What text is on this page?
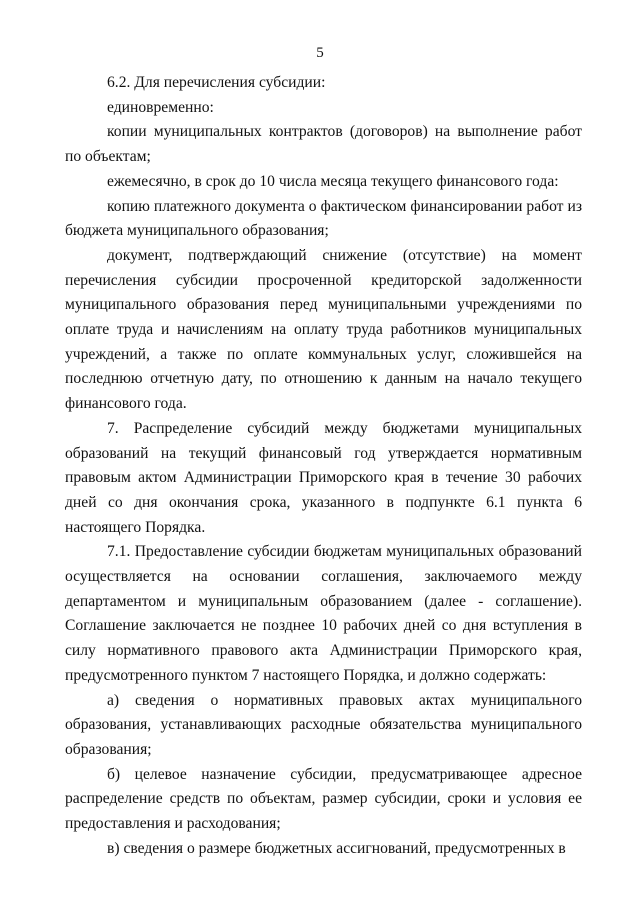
5

6.2. Для перечисления субсидии:

единовременно:

копии муниципальных контрактов (договоров) на выполнение работ по объектам;

ежемесячно, в срок до 10 числа месяца текущего финансового года:

копию платежного документа о фактическом финансировании работ из бюджета муниципального образования;

документ, подтверждающий снижение (отсутствие) на момент перечисления субсидии просроченной кредиторской задолженности муниципального образования перед муниципальными учреждениями по оплате труда и начислениям на оплату труда работников муниципальных учреждений, а также по оплате коммунальных услуг, сложившейся на последнюю отчетную дату, по отношению к данным на начало текущего финансового года.

7. Распределение субсидий между бюджетами муниципальных образований на текущий финансовый год утверждается нормативным правовым актом Администрации Приморского края в течение 30 рабочих дней со дня окончания срока, указанного в подпункте 6.1 пункта 6 настоящего Порядка.

7.1. Предоставление субсидии бюджетам муниципальных образований осуществляется на основании соглашения, заключаемого между департаментом и муниципальным образованием (далее - соглашение). Соглашение заключается не позднее 10 рабочих дней со дня вступления в силу нормативного правового акта Администрации Приморского края, предусмотренного пунктом 7 настоящего Порядка, и должно содержать:

а) сведения о нормативных правовых актах муниципального образования, устанавливающих расходные обязательства муниципального образования;

б) целевое назначение субсидии, предусматривающее адресное распределение средств по объектам, размер субсидии, сроки и условия ее предоставления и расходования;

в) сведения о размере бюджетных ассигнований, предусмотренных в
